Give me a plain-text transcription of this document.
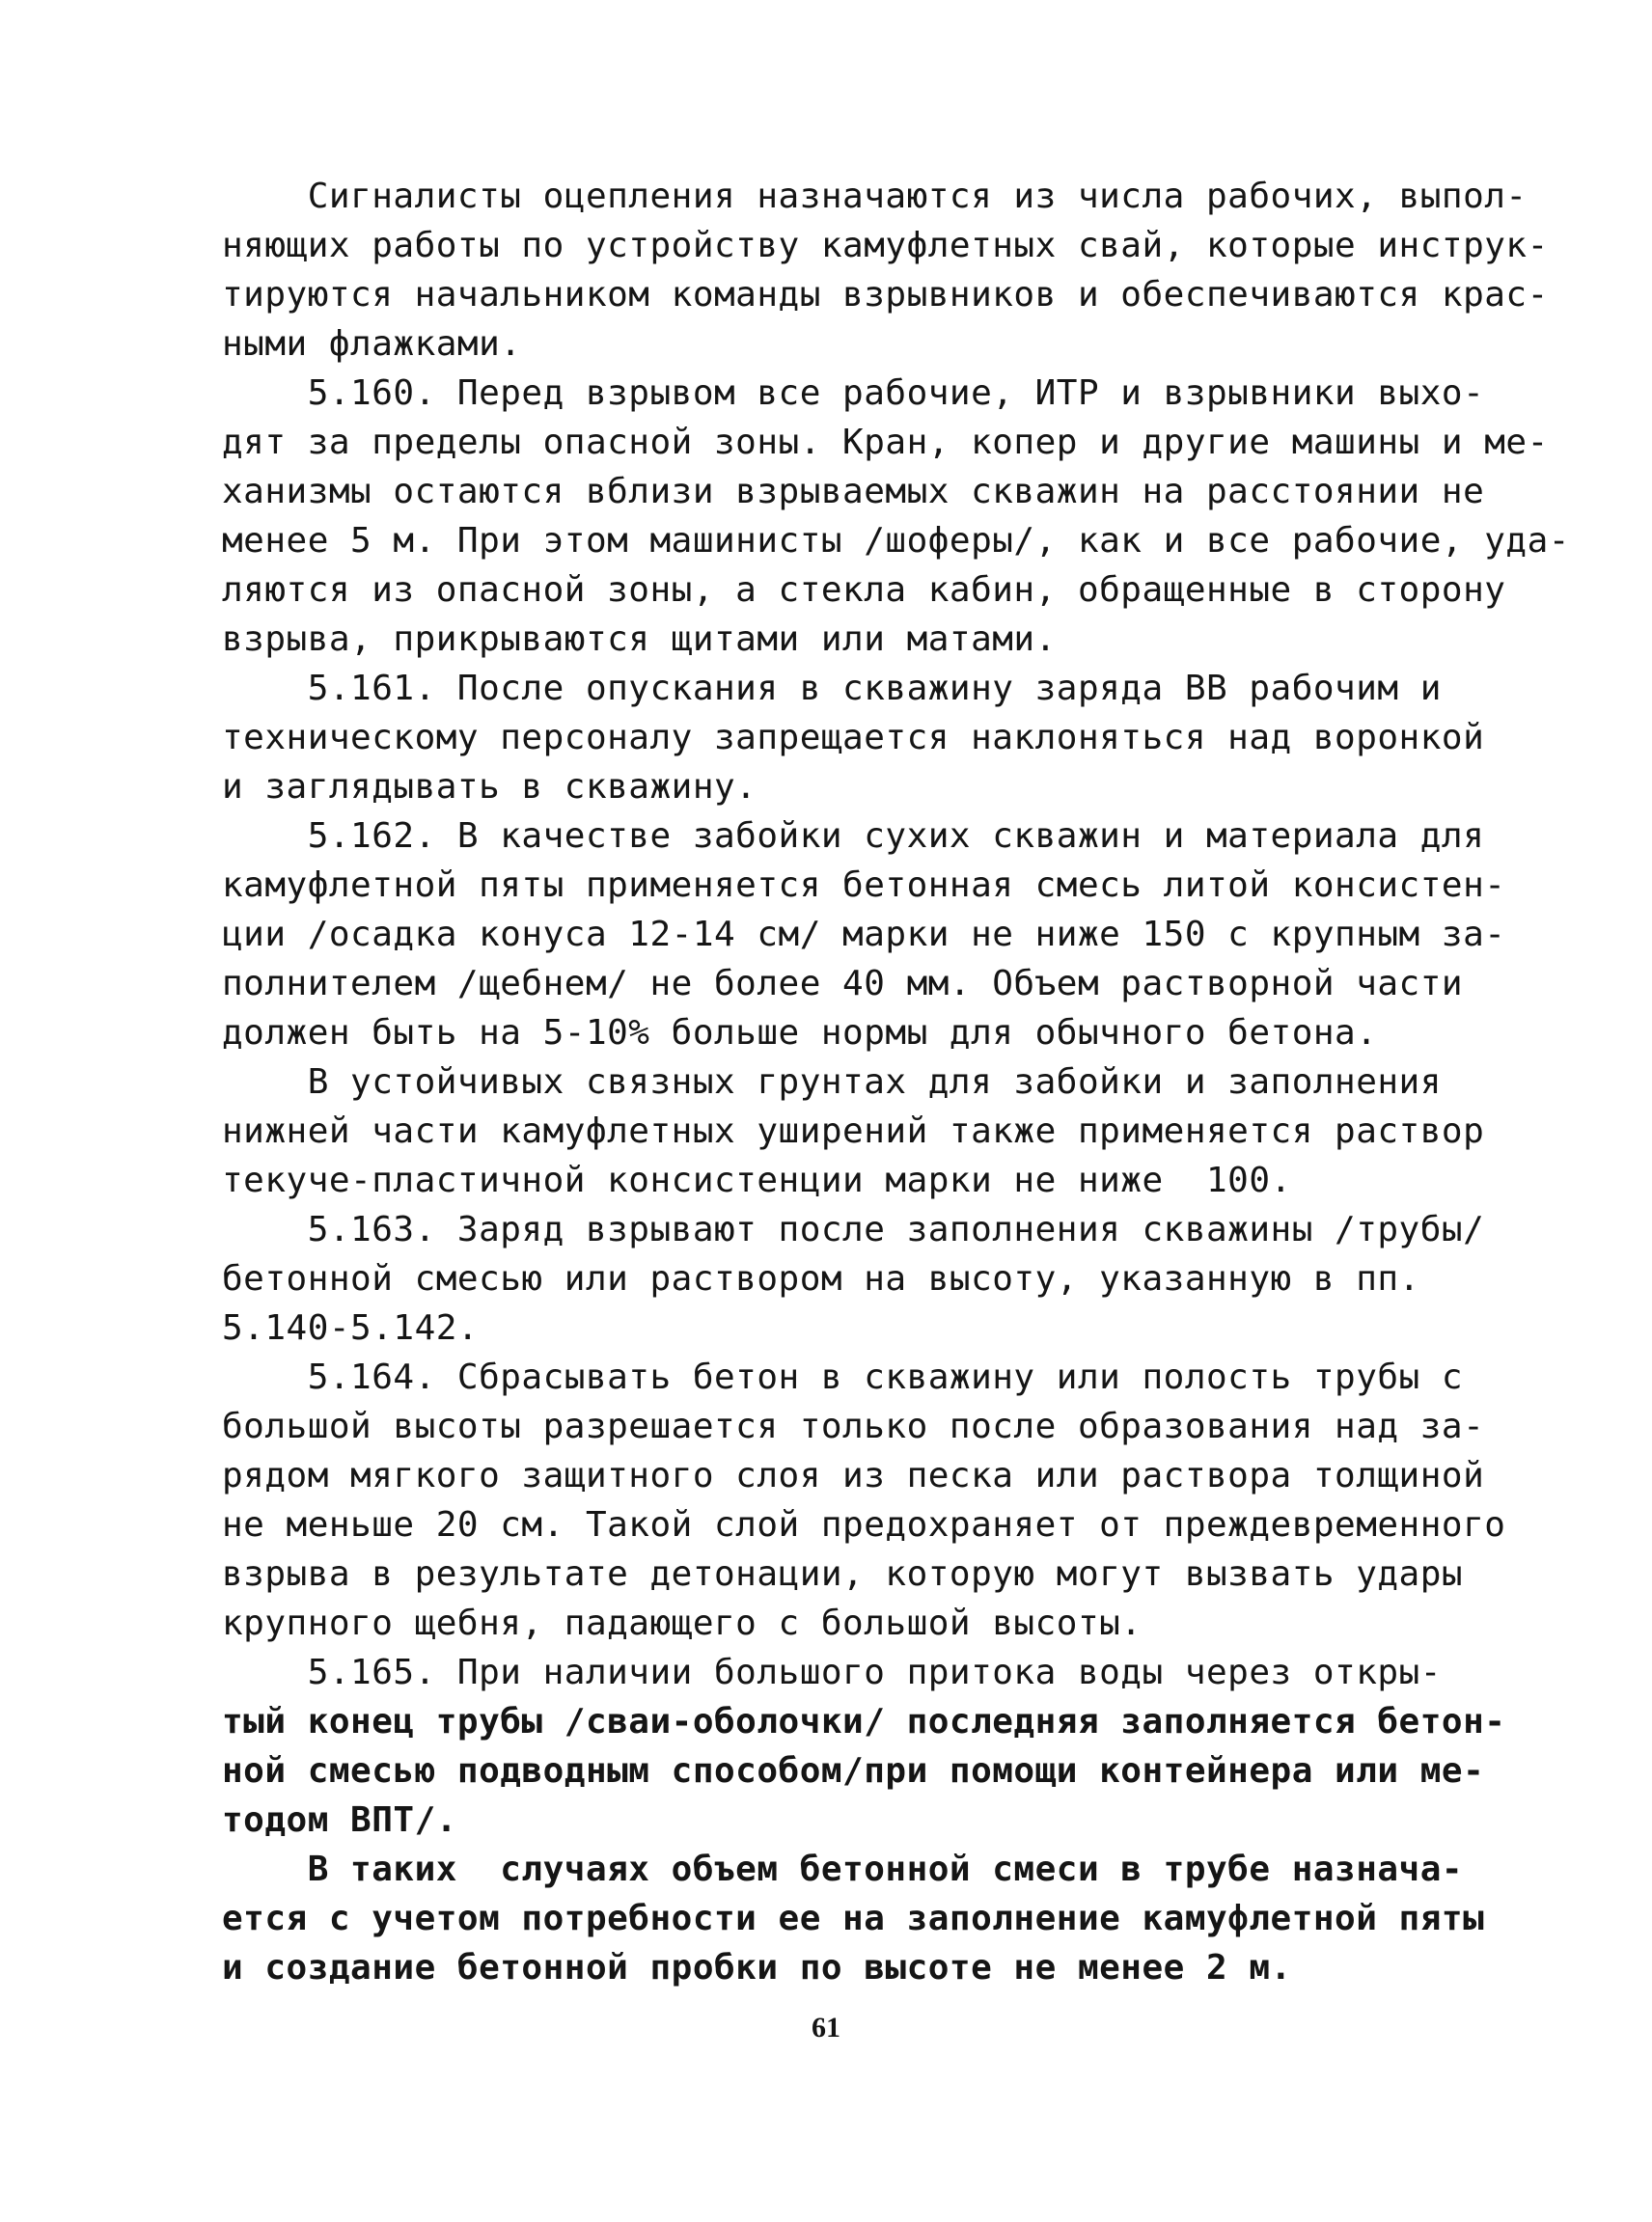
Сигналисты оцепления назначаются из числа рабочих, выпол-
няющих работы по устройству камуфлетных свай, которые инструк-
тируются начальником команды взрывников и обеспечиваются крас-
ными флажками.
5.160. Перед взрывом все рабочие, ИТР и взрывники выхо-
дят за пределы опасной зоны. Кран, копер и другие машины и ме-
ханизмы остаются вблизи взрываемых скважин на расстоянии не
менее 5 м. При этом машинисты /шоферы/, как и все рабочие, уда-
ляются из опасной зоны, а стекла кабин, обращенные в сторону
взрыва, прикрываются щитами или матами.
5.161. После опускания в скважину заряда ВВ рабочим и
техническому персоналу запрещается наклоняться над воронкой
и заглядывать в скважину.
5.162. В качестве забойки сухих скважин и материала для
камуфлетной пяты применяется бетонная смесь литой консистен-
ции /осадка конуса 12-14 см/ марки не ниже 150 с крупным за-
полнителем /щебнем/ не более 40 мм. Объем растворной части
должен быть на 5-10% больше нормы для обычного бетона.
В устойчивых связных грунтах для забойки и заполнения
нижней части камуфлетных уширений также применяется раствор
текуче-пластичной консистенции марки не ниже  100.
5.163. Заряд взрывают после заполнения скважины /трубы/
бетонной смесью или раствором на высоту, указанную в пп.
5.140-5.142.
5.164. Сбрасывать бетон в скважину или полость трубы с
большой высоты разрешается только после образования над за-
рядом мягкого защитного слоя из песка или раствора толщиной
не меньше 20 см. Такой слой предохраняет от преждевременного
взрыва в результате детонации, которую могут вызвать удары
крупного щебня, падающего с большой высоты.
5.165. При наличии большого притока воды через откры-
тый конец трубы /сваи-оболочки/ последняя заполняется бетон-
ной смесью подводным способом/при помощи контейнера или ме-
тодом ВПТ/.
В таких  случаях объем бетонной смеси в трубе назнача-
ется с учетом потребности ее на заполнение камуфлетной пяты
и создание бетонной пробки по высоте не менее 2 м.
61
